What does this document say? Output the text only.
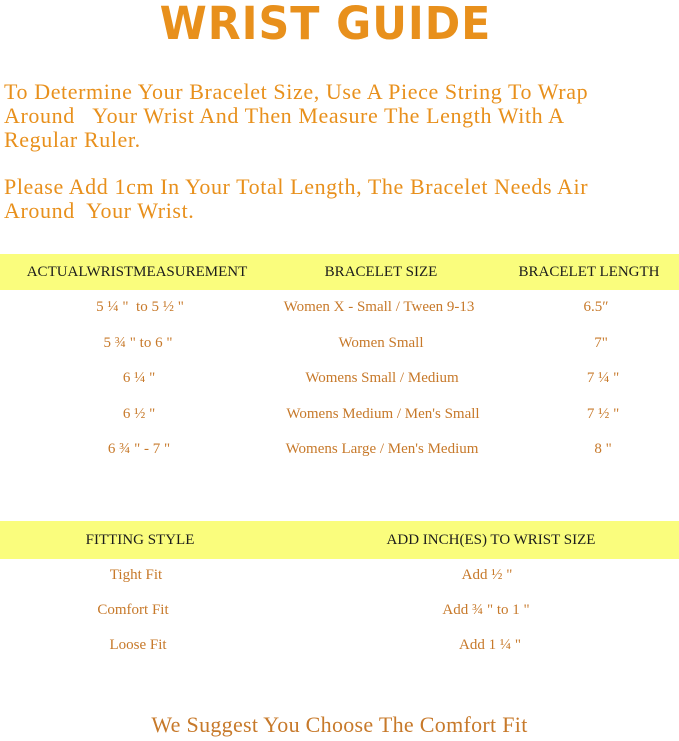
WRIST GUIDE
To Determine Your Bracelet Size, Use A Piece String To Wrap
Around   Your Wrist And Then Measure The Length With A
Regular Ruler.
Please Add 1cm In Your Total Length, The Bracelet Needs Air
Around  Your Wrist.
ACTUALWRISTMEASUREMENT	BRACELET SIZE	BRACELET LENGTH
5 ¼ "  to 5 ½ "	Women X - Small / Tween 9-13	6.5″
5 ¾ " to 6 "	Women Small	7"
6 ¼ "	Womens Small / Medium	7 ¼ "
6 ½ "	Womens Medium / Men's Small	7 ½ "
6 ¾ " - 7 "	Womens Large / Men's Medium	8 "
FITTING STYLE	ADD INCH(ES) TO WRIST SIZE
Tight Fit	Add ½ "
Comfort Fit	Add ¾ " to 1 "
Loose Fit	Add 1 ¼ "
We Suggest You Choose The Comfort Fit
